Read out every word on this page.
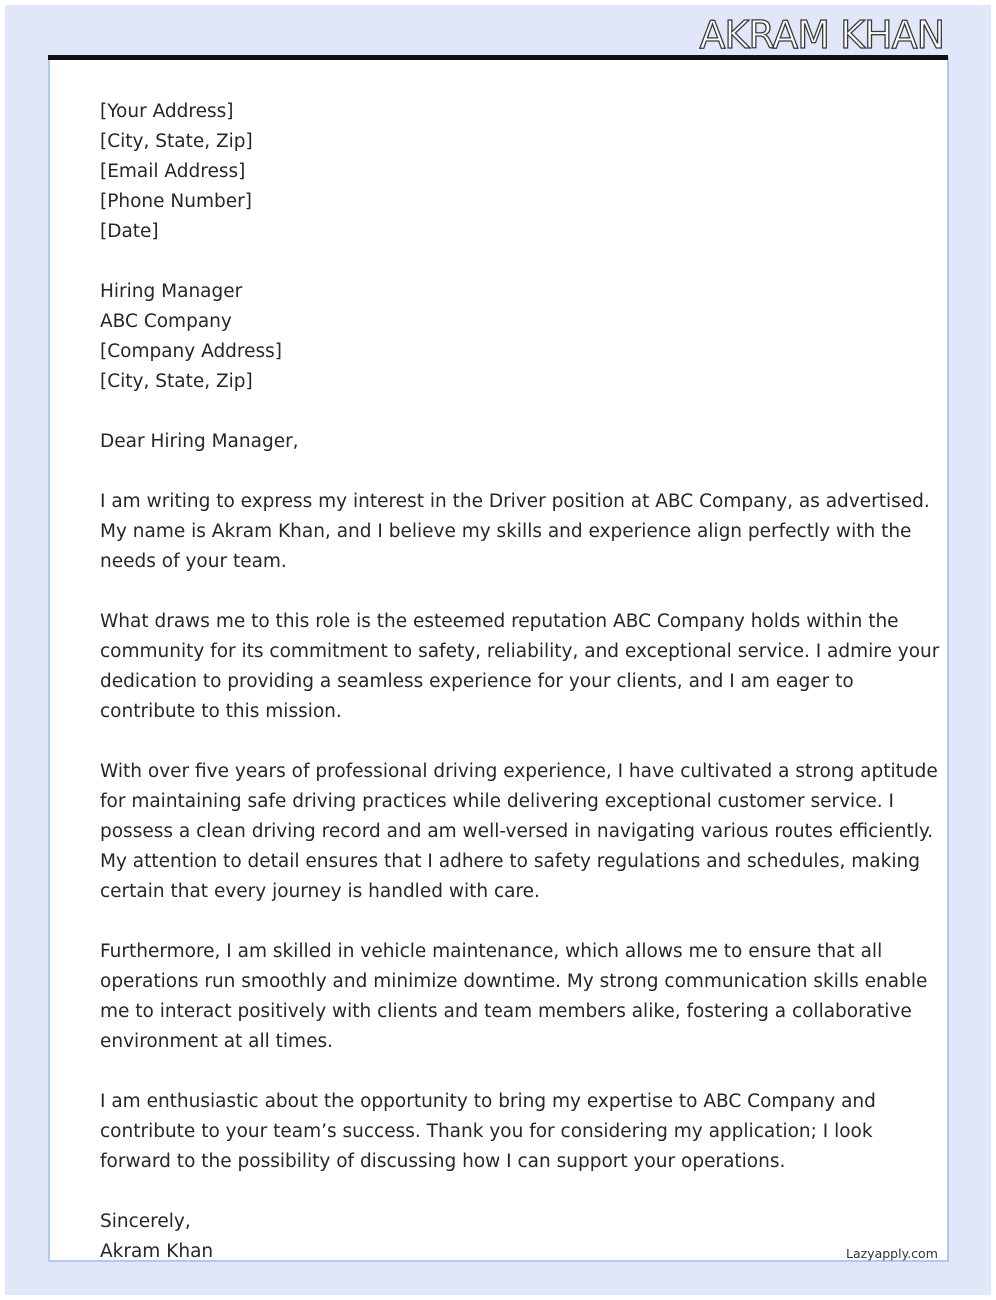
AKRAM KHAN
[Your Address]
[City, State, Zip]
[Email Address]
[Phone Number]
[Date]
Hiring Manager
ABC Company
[Company Address]
[City, State, Zip]
Dear Hiring Manager,
I am writing to express my interest in the Driver position at ABC Company, as advertised.
My name is Akram Khan, and I believe my skills and experience align perfectly with the
needs of your team.
What draws me to this role is the esteemed reputation ABC Company holds within the
community for its commitment to safety, reliability, and exceptional service. I admire your
dedication to providing a seamless experience for your clients, and I am eager to
contribute to this mission.
With over five years of professional driving experience, I have cultivated a strong aptitude
for maintaining safe driving practices while delivering exceptional customer service. I
possess a clean driving record and am well-versed in navigating various routes efficiently.
My attention to detail ensures that I adhere to safety regulations and schedules, making
certain that every journey is handled with care.
Furthermore, I am skilled in vehicle maintenance, which allows me to ensure that all
operations run smoothly and minimize downtime. My strong communication skills enable
me to interact positively with clients and team members alike, fostering a collaborative
environment at all times.
I am enthusiastic about the opportunity to bring my expertise to ABC Company and
contribute to your team’s success. Thank you for considering my application; I look
forward to the possibility of discussing how I can support your operations.
Sincerely,
Akram Khan	Lazyapply.com
